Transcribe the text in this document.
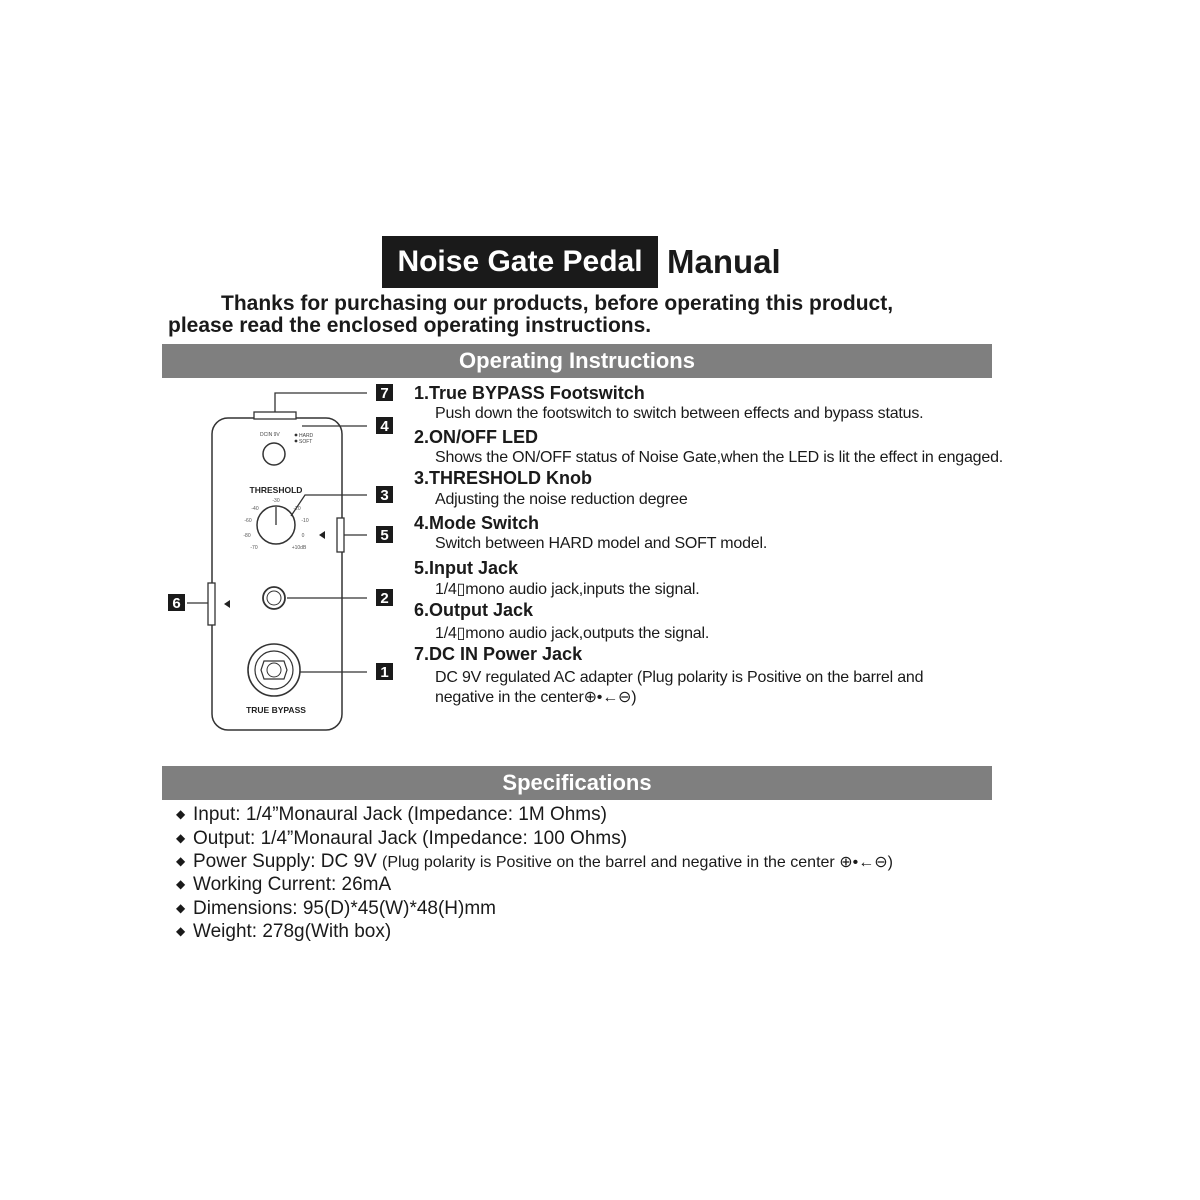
Noise Gate Pedal Manual
Thanks for purchasing our products, before operating this product,
please read the enclosed operating instructions.
Operating Instructions
DCIN 9V	HARD
SOFT
THRESHOLD
-30
-40	-20
-60	-10
-80	0
-70	+10dB
TRUE BYPASS
7
4
3
5
2
1
6
1.True BYPASS Footswitch
Push down the footswitch to switch between effects and bypass status.
2.ON/OFF LED
Shows the ON/OFF status of Noise Gate,when the LED is lit the effect in engaged.
3.THRESHOLD Knob
Adjusting the noise reduction degree
4.Mode Switch
Switch between HARD model and SOFT model.
5.Input Jack
1/4▯mono audio jack,inputs the signal.
6.Output Jack
1/4▯mono audio jack,outputs the signal.
7.DC IN Power Jack
DC 9V regulated AC adapter (Plug polarity is Positive on the barrel and
negative in the center⊕•←⊖)
Specifications
◆ Input: 1/4”Monaural Jack (Impedance: 1M Ohms)
◆ Output: 1/4”Monaural Jack (Impedance: 100 Ohms)
◆ Power Supply: DC 9V (Plug polarity is Positive on the barrel and negative in the center ⊕•←⊖)
◆ Working Current: 26mA
◆ Dimensions: 95(D)*45(W)*48(H)mm
◆ Weight: 278g(With box)
